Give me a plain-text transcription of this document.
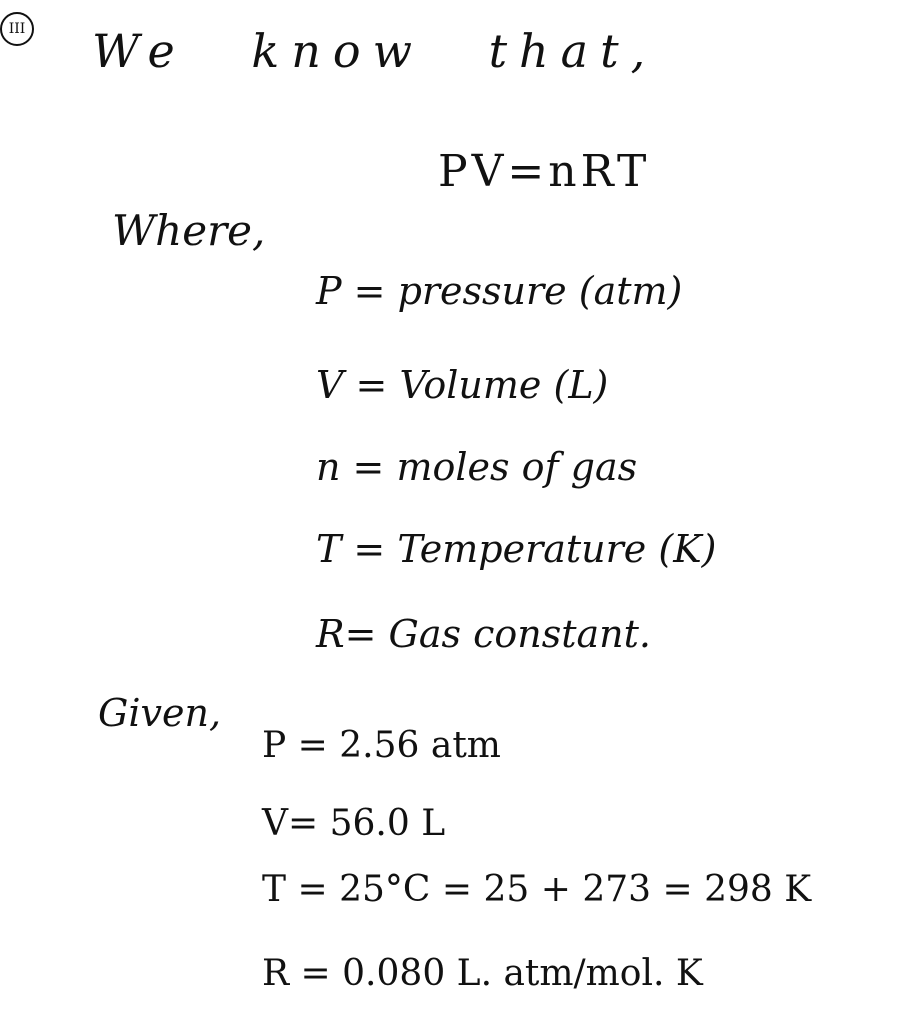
III We know that,
PV=nRT
Where,
P = pressure (atm)
V = Volume (L)
n = moles of gas
T = Temperature (K)
R= Gas constant.
Given,
P = 2.56 atm
V= 56.0 L
T = 25°C = 25 + 273 = 298 K
R = 0.080 L. atm/mol. K
